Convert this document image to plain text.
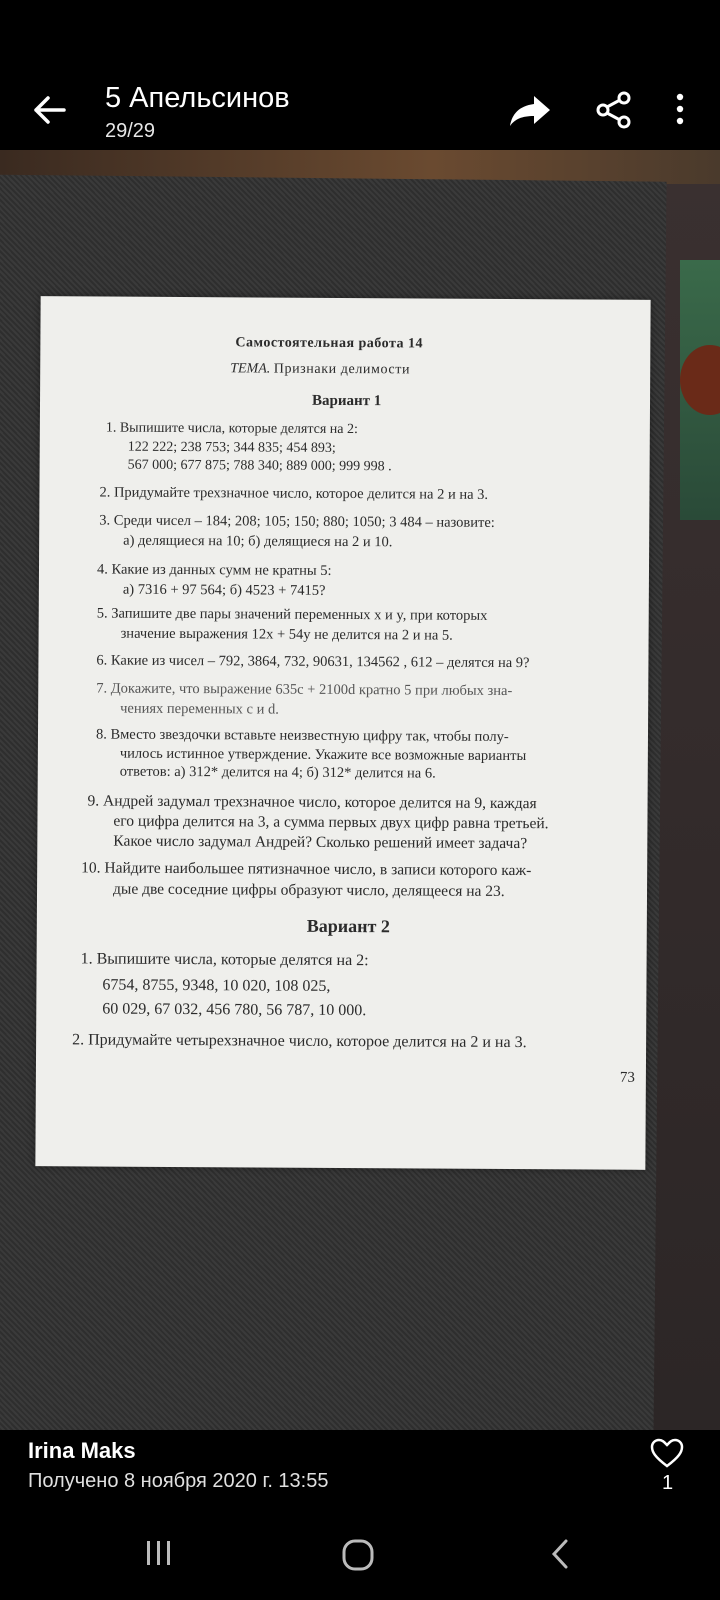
5 Апельсинов
29/29
Самостоятельная работа 14
ТЕМА. Признаки делимости
Вариант 1
1. Выпишите числа, которые делятся на 2:
122 222; 238 753; 344 835; 454 893;
567 000; 677 875; 788 340; 889 000; 999 998 .
2. Придумайте трехзначное число, которое делится на 2 и на 3.
3. Среди чисел – 184; 208; 105; 150; 880; 1050; 3 484 – назовите:
а) делящиеся на 10; б) делящиеся на 2 и 10.
4. Какие из данных сумм не кратны 5:
а) 7316 + 97 564; б) 4523 + 7415?
5. Запишите две пары значений переменных x и y, при которых
значение выражения 12x + 54y не делится на 2 и на 5.
6. Какие из чисел – 792, 3864, 732, 90631, 134562 , 612 – делятся на 9?
7. Докажите, что выражение 635c + 2100d кратно 5 при любых зна-
чениях переменных c и d.
8. Вместо звездочки вставьте неизвестную цифру так, чтобы полу-
чилось истинное утверждение. Укажите все возможные варианты
ответов: а) 312* делится на 4; б) 312* делится на 6.
9. Андрей задумал трехзначное число, которое делится на 9, каждая
его цифра делится на 3, а сумма первых двух цифр равна третьей.
Какое число задумал Андрей? Сколько решений имеет задача?
10. Найдите наибольшее пятизначное число, в записи которого каж-
дые две соседние цифры образуют число, делящееся на 23.
Вариант 2
1. Выпишите числа, которые делятся на 2:
6754, 8755, 9348, 10 020, 108 025,
60 029, 67 032, 456 780, 56 787, 10 000.
2. Придумайте четырехзначное число, которое делится на 2 и на 3.
73
Irina Maks
Получено 8 ноября 2020 г. 13:55	1
